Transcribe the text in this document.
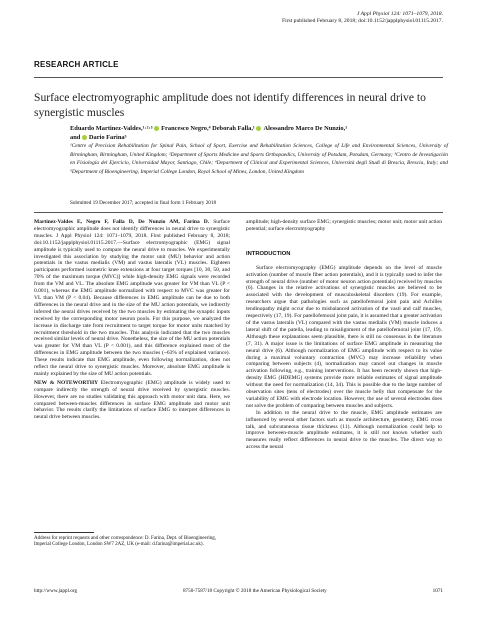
J Appl Physiol 124: 1071–1079, 2018.
First published February 8, 2018; doi:10.1152/japplphysiol.01115.2017.
RESEARCH ARTICLE
Surface electromyographic amplitude does not identify differences in neural drive to synergistic muscles
Eduardo Martinez-Valdes,¹·²·³ Francesco Negro,⁴ Deborah Falla,¹ Alessandro Marco De Nunzio,¹
and Dario Farina⁵
¹Centre of Precision Rehabilitation for Spinal Pain, School of Sport, Exercise and Rehabilitation Sciences, College of Life and Environmental Sciences, University of Birmingham, Birmingham, United Kingdom; ²Department of Sports Medicine and Sports Orthopaedics, University of Potsdam, Potsdam, Germany; ³Centro de Investigación en Fisiología del Ejercicio, Universidad Mayor, Santiago, Chile; ⁴Department of Clinical and Experimental Sciences, Università degli Studi di Brescia, Brescia, Italy; and ⁵Department of Bioengineering, Imperial College London, Royal School of Mines, London, United Kingdom
Submitted 19 December 2017; accepted in final form 1 February 2018

Martinez-Valdes E, Negro F, Falla D, De Nunzio AM, Farina D. Surface electromyographic amplitude does not identify differences in neural drive to synergistic muscles. J Appl Physiol 124: 1071–1079, 2018. First published February 8, 2018; doi:10.1152/japplphysiol.01115.2017.—Surface electromyographic (EMG) signal amplitude is typically used to compare the neural drive to muscles. We experimentally investigated this association by studying the motor unit (MU) behavior and action potentials in the vastus medialis (VM) and vastus lateralis (VL) muscles. Eighteen participants performed isometric knee extensions at four target torques [10, 30, 50, and 70% of the maximum torque (MVC)] while high-density EMG signals were recorded from the VM and VL. The absolute EMG amplitude was greater for VM than VL (P < 0.001), whereas the EMG amplitude normalized with respect to MVC was greater for VL than VM (P < 0.04). Because differences in EMG amplitude can be due to both differences in the neural drive and in the size of the MU action potentials, we indirectly inferred the neural drives received by the two muscles by estimating the synaptic inputs received by the corresponding motor neuron pools. For this purpose, we analyzed the increase in discharge rate from recruitment to target torque for motor units matched by recruitment threshold in the two muscles. This analysis indicated that the two muscles received similar levels of neural drive. Nonetheless, the size of the MU action potentials was greater for VM than VL (P < 0.001), and this difference explained most of the differences in EMG amplitude between the two muscles (~63% of explained variance). These results indicate that EMG amplitude, even following normalization, does not reflect the neural drive to synergistic muscles. Moreover, absolute EMG amplitude is mainly explained by the size of MU action potentials.

NEW & NOTEWORTHY Electromyographic (EMG) amplitude is widely used to compare indirectly the strength of neural drive received by synergistic muscles. However, there are no studies validating this approach with motor unit data. Here, we compared between-muscles differences in surface EMG amplitude and motor unit behavior. The results clarify the limitations of surface EMG to interpret differences in neural drive between muscles.

amplitude; high-density surface EMG; synergistic muscles; motor unit; motor unit action potential; surface electromyography

INTRODUCTION

Surface electromyography (EMG) amplitude depends on the level of muscle activation (number of muscle fiber action potentials), and it is typically used to infer the strength of neural drive (number of motor neuron action potentials) received by muscles (6). Changes in the relative activations of synergistic muscles are believed to be associated with the development of musculoskeletal disorders (19). For example, researchers argue that pathologies such as patellofemoral joint pain and Achilles tendinopathy might occur due to misbalanced activation of the vasti and calf muscles, respectively (17, 19). For patellofemoral joint pain, it is assumed that a greater activation of the vastus lateralis (VL) compared with the vastus medialis (VM) muscle induces a lateral shift of the patella, leading to misalignment of the patellofemoral joint (17, 19). Although these explanations seem plausible, there is still no consensus in the literature (7, 31). A major issue is the limitations of surface EMG amplitude in measuring the neural drive (6). Although normalization of EMG amplitude with respect to its value during a maximal voluntary contraction (MVC) may increase reliability when comparing between subjects (4), normalization may cancel out changes in muscle activation following, e.g., training interventions. It has been recently shown that high-density EMG (HDEMG) systems provide more reliable estimates of signal amplitude without the need for normalization (14, 34). This is possible due to the large number of observation sites (tens of electrodes) over the muscle belly that compensate for the variability of EMG with electrode location. However, the use of several electrodes does not solve the problem of comparing between muscles and subjects.

In addition to the neural drive to the muscle, EMG amplitude estimates are influenced by several other factors such as muscle architecture, geometry, EMG cross talk, and subcutaneous tissue thickness (11). Although normalization could help to improve between-muscle amplitude estimates, it is still not known whether such measures really reflect differences in neural drive to the muscles. The direct way to access the neural

Address for reprint requests and other correspondence: D. Farina, Dept. of Bioengineering, Imperial College London, London SW7 2AZ, UK (e-mail: d.farina@imperial.ac.uk).
http://www.jappl.org	8750-7587/18 Copyright © 2018 the American Physiological Society	1071
